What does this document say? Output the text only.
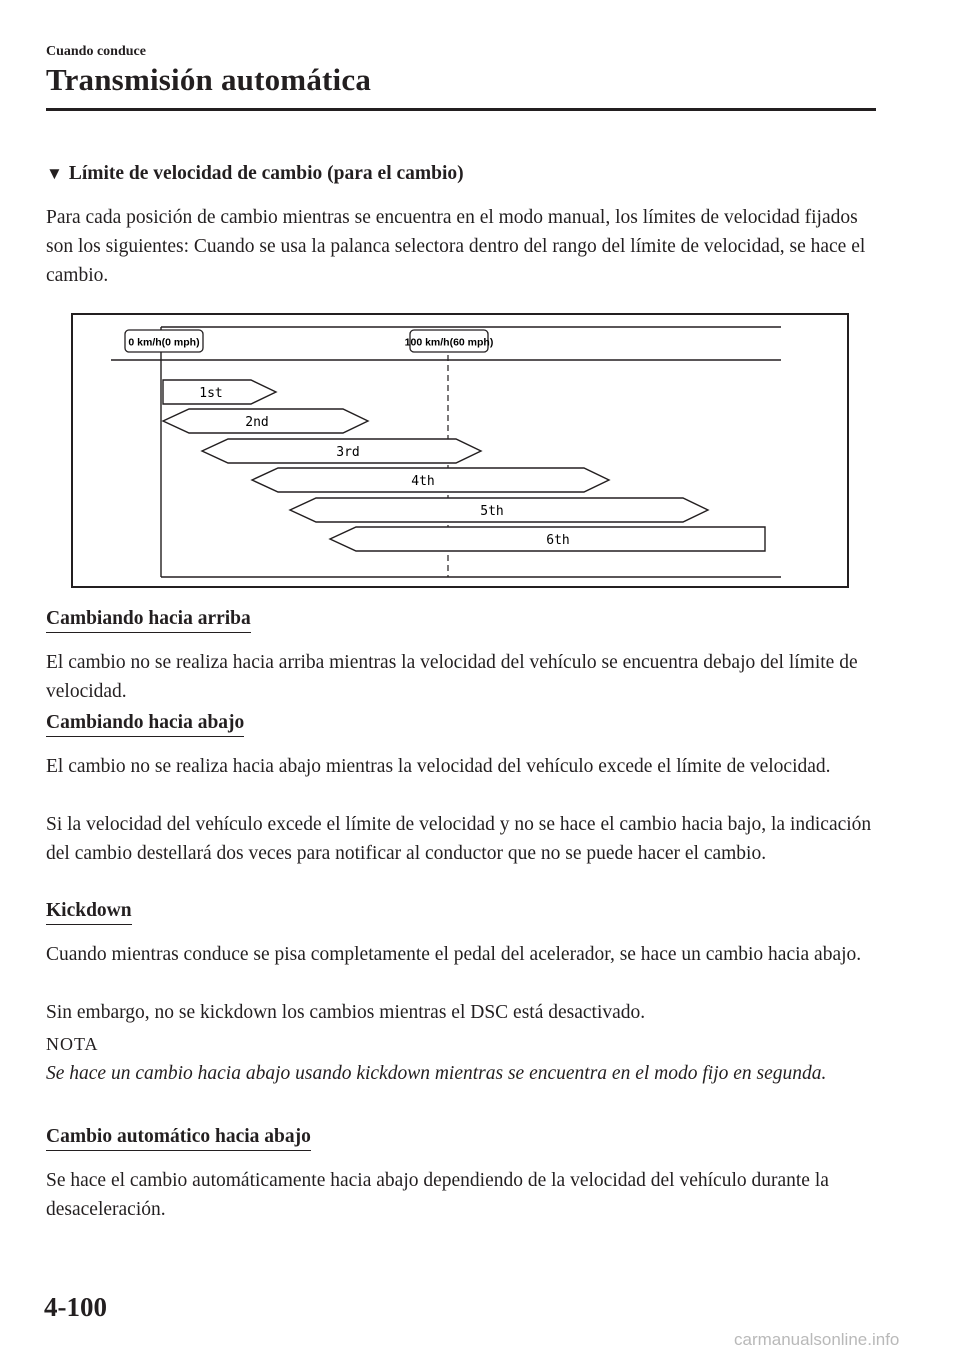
Cuando conduce
Transmisión automática
▼ Límite de velocidad de cambio (para el cambio)

Para cada posición de cambio mientras se encuentra en el modo manual, los límites de velocidad fijados son los siguientes: Cuando se usa la palanca selectora dentro del rango del límite de velocidad, se hace el cambio.

0 km/h(0 mph)	100 km/h(60 mph)
1st
2nd
3rd
4th
5th
6th
Cambiando hacia arriba

El cambio no se realiza hacia arriba mientras la velocidad del vehículo se encuentra debajo del límite de velocidad.

Cambiando hacia abajo

El cambio no se realiza hacia abajo mientras la velocidad del vehículo excede el límite de velocidad.

Si la velocidad del vehículo excede el límite de velocidad y no se hace el cambio hacia bajo, la indicación del cambio destellará dos veces para notificar al conductor que no se puede hacer el cambio.

Kickdown

Cuando mientras conduce se pisa completamente el pedal del acelerador, se hace un cambio hacia abajo.

Sin embargo, no se kickdown los cambios mientras el DSC está desactivado.

NOTA

Se hace un cambio hacia abajo usando kickdown mientras se encuentra en el modo fijo en segunda.

Cambio automático hacia abajo

Se hace el cambio automáticamente hacia abajo dependiendo de la velocidad del vehículo durante la desaceleración.

4-100
carmanualsonline.info
